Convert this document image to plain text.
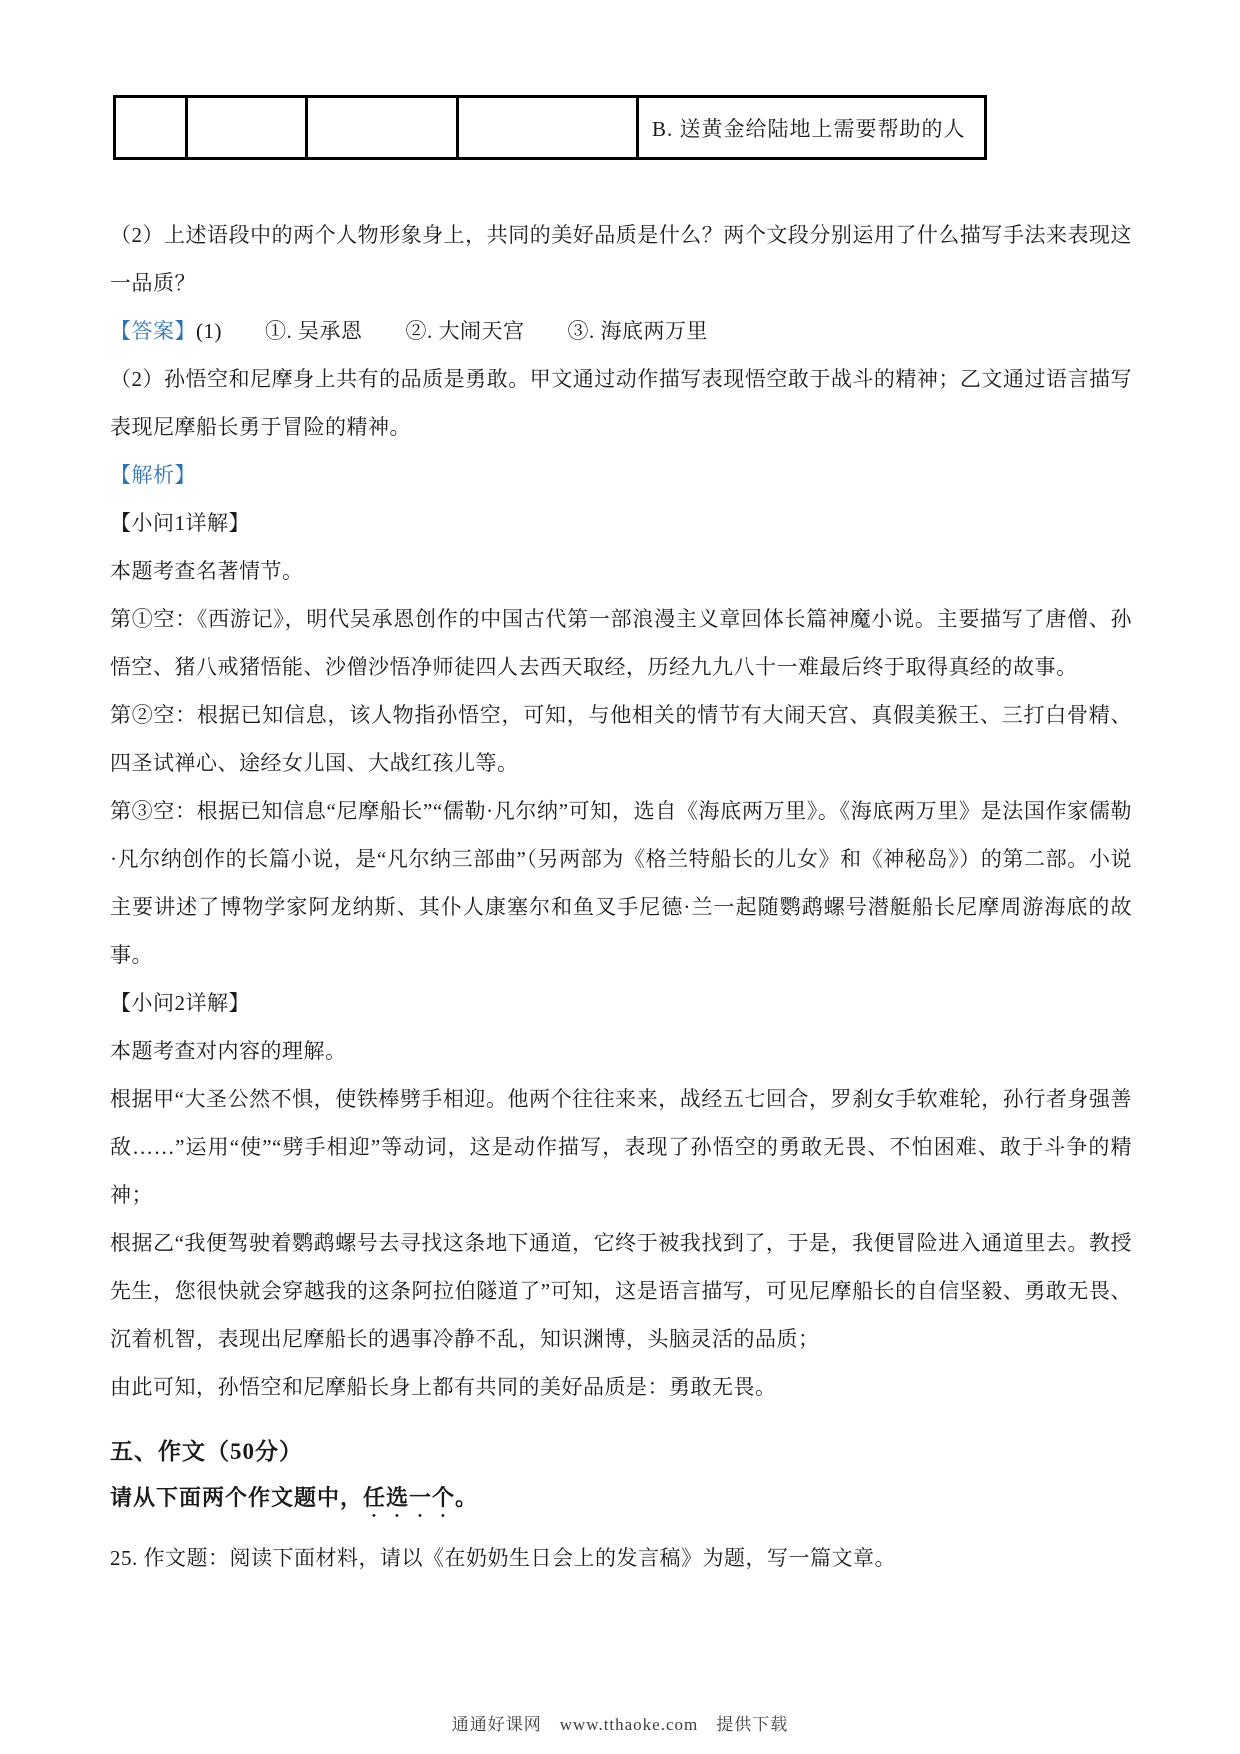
				B. 送黄金给陆地上需要帮助的人

（2）上述语段中的两个人物形象身上，共同的美好品质是什么？两个文段分别运用了什么描写手法来表现这一品质？

【答案】(1)　　①. 吴承恩　　②. 大闹天宫　　③. 海底两万里

（2）孙悟空和尼摩身上共有的品质是勇敢。甲文通过动作描写表现悟空敢于战斗的精神；乙文通过语言描写表现尼摩船长勇于冒险的精神。

【解析】

【小问1详解】

本题考查名著情节。

第①空：《西游记》，明代吴承恩创作的中国古代第一部浪漫主义章回体长篇神魔小说。主要描写了唐僧、孙悟空、猪八戒猪悟能、沙僧沙悟净师徒四人去西天取经，历经九九八十一难最后终于取得真经的故事。

第②空：根据已知信息，该人物指孙悟空，可知，与他相关的情节有大闹天宫、真假美猴王、三打白骨精、四圣试禅心、途经女儿国、大战红孩儿等。

第③空：根据已知信息“尼摩船长”“儒勒·凡尔纳”可知，选自《海底两万里》。《海底两万里》是法国作家儒勒·凡尔纳创作的长篇小说，是“凡尔纳三部曲”（另两部为《格兰特船长的儿女》和《神秘岛》）的第二部。小说主要讲述了博物学家阿龙纳斯、其仆人康塞尔和鱼叉手尼德·兰一起随鹦鹉螺号潜艇船长尼摩周游海底的故事。

【小问2详解】

本题考查对内容的理解。

根据甲“大圣公然不惧，使铁棒劈手相迎。他两个往往来来，战经五七回合，罗刹女手软难轮，孙行者身强善敌……”运用“使”“劈手相迎”等动词，这是动作描写，表现了孙悟空的勇敢无畏、不怕困难、敢于斗争的精神；

根据乙“我便驾驶着鹦鹉螺号去寻找这条地下通道，它终于被我找到了，于是，我便冒险进入通道里去。教授先生，您很快就会穿越我的这条阿拉伯隧道了”可知，这是语言描写，可见尼摩船长的自信坚毅、勇敢无畏、沉着机智，表现出尼摩船长的遇事冷静不乱，知识渊博，头脑灵活的品质；

由此可知，孙悟空和尼摩船长身上都有共同的美好品质是：勇敢无畏。

五、作文（50分）

请从下面两个作文题中，任选一个。

25. 作文题：阅读下面材料，请以《在奶奶生日会上的发言稿》为题，写一篇文章。

通通好课网 www.tthaoke.com 提供下载
